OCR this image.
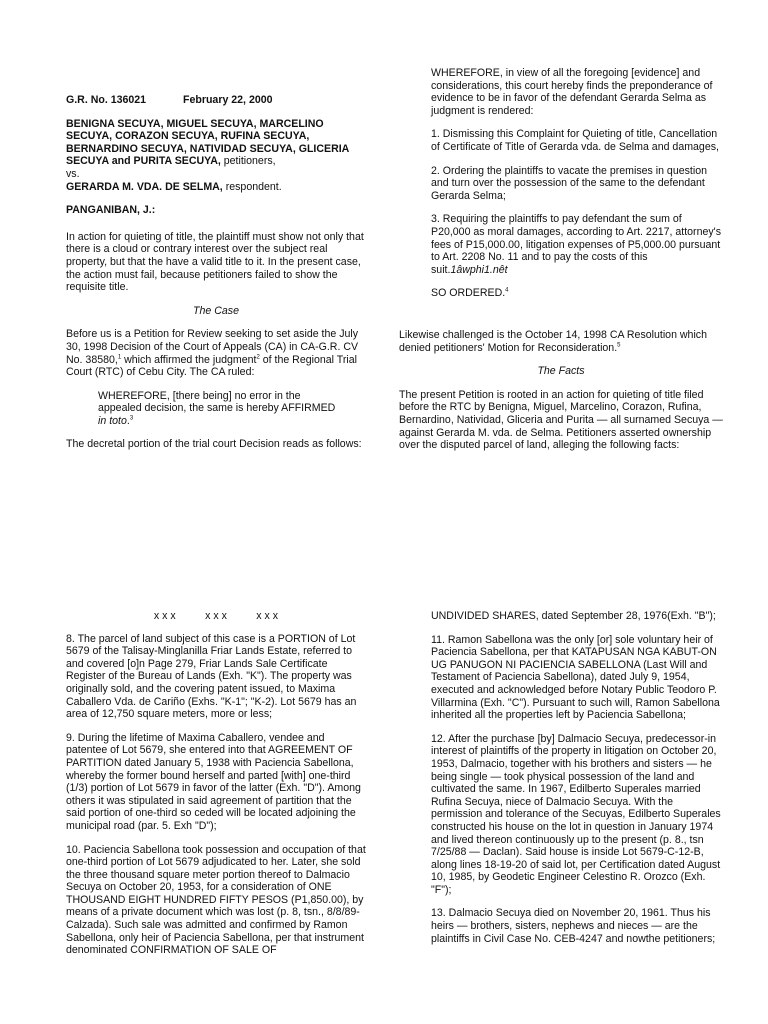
G.R. No. 136021	February 22, 2000

BENIGNA SECUYA, MIGUEL SECUYA, MARCELINO SECUYA, CORAZON SECUYA, RUFINA SECUYA, BERNARDINO SECUYA, NATIVIDAD SECUYA, GLICERIA SECUYA and PURITA SECUYA, petitioners,

vs.

GERARDA M. VDA. DE SELMA, respondent.

PANGANIBAN, J.:

In action for quieting of title, the plaintiff must show not only that there is a cloud or contrary interest over the subject real property, but that the have a valid title to it. In the present case, the action must fail, because petitioners failed to show the requisite title.

The Case

Before us is a Petition for Review seeking to set aside the July 30, 1998 Decision of the Court of Appeals (CA) in CA-G.R. CV No. 38580,$^1$ which affirmed the judgment$^2$ of the Regional Trial Court (RTC) of Cebu City. The CA ruled:

WHEREFORE, [there being] no error in the appealed decision, the same is hereby AFFIRMED in toto.$^3$

The decretal portion of the trial court Decision reads as follows:

WHEREFORE, in view of all the foregoing [evidence] and considerations, this court hereby finds the preponderance of evidence to be in favor of the defendant Gerarda Selma as judgment is rendered:

1. Dismissing this Complaint for Quieting of title, Cancellation of Certificate of Title of Gerarda vda. de Selma and damages,

2. Ordering the plaintiffs to vacate the premises in question and turn over the possession of the same to the defendant Gerarda Selma;

3. Requiring the plaintiffs to pay defendant the sum of P20,000 as moral damages, according to Art. 2217, attorney's fees of P15,000.00, litigation expenses of P5,000.00 pursuant to Art. 2208 No. 11 and to pay the costs of this suit.1âwphi1.nêt

SO ORDERED.$^4$

Likewise challenged is the October 14, 1998 CA Resolution which denied petitioners' Motion for Reconsideration.$^5$

The Facts

The present Petition is rooted in an action for quieting of title filed before the RTC by Benigna, Miguel, Marcelino, Corazon, Rufina, Bernardino, Natividad, Gliceria and Purita — all surnamed Secuya — against Gerarda M. vda. de Selma. Petitioners asserted ownership over the disputed parcel of land, alleging the following facts:

x x x          x x x          x x x

8. The parcel of land subject of this case is a PORTION of Lot 5679 of the Talisay-Minglanilla Friar Lands Estate, referred to and covered [o]n Page 279, Friar Lands Sale Certificate Register of the Bureau of Lands (Exh. "K"). The property was originally sold, and the covering patent issued, to Maxima Caballero Vda. de Cariño (Exhs. "K-1"; "K-2). Lot 5679 has an area of 12,750 square meters, more or less;

9. During the lifetime of Maxima Caballero, vendee and patentee of Lot 5679, she entered into that AGREEMENT OF PARTITION dated January 5, 1938 with Paciencia Sabellona, whereby the former bound herself and parted [with] one-third (1/3) portion of Lot 5679 in favor of the latter (Exh. "D"). Among others it was stipulated in said agreement of partition that the said portion of one-third so ceded will be located adjoining the municipal road (par. 5. Exh "D");

10. Paciencia Sabellona took possession and occupation of that one-third portion of Lot 5679 adjudicated to her. Later, she sold the three thousand square meter portion thereof to Dalmacio Secuya on October 20, 1953, for a consideration of ONE THOUSAND EIGHT HUNDRED FIFTY PESOS (P1,850.00), by means of a private document which was lost (p. 8, tsn., 8/8/89-Calzada). Such sale was admitted and confirmed by Ramon Sabellona, only heir of Paciencia Sabellona, per that instrument denominated CONFIRMATION OF SALE OF

UNDIVIDED SHARES, dated September 28, 1976(Exh. "B");

11. Ramon Sabellona was the only [or] sole voluntary heir of Paciencia Sabellona, per that KATAPUSAN NGA KABUT-ON UG PANUGON NI PACIENCIA SABELLONA (Last Will and Testament of Paciencia Sabellona), dated July 9, 1954, executed and acknowledged before Notary Public Teodoro P. Villarmina (Exh. "C"). Pursuant to such will, Ramon Sabellona inherited all the properties left by Paciencia Sabellona;

12. After the purchase [by] Dalmacio Secuya, predecessor-in interest of plaintiffs of the property in litigation on October 20, 1953, Dalmacio, together with his brothers and sisters — he being single — took physical possession of the land and cultivated the same. In 1967, Edilberto Superales married Rufina Secuya, niece of Dalmacio Secuya. With the permission and tolerance of the Secuyas, Edilberto Superales constructed his house on the lot in question in January 1974 and lived thereon continuously up to the present (p. 8., tsn 7/25/88 — Daclan). Said house is inside Lot 5679-C-12-B, along lines 18-19-20 of said lot, per Certification dated August 10, 1985, by Geodetic Engineer Celestino R. Orozco (Exh. "F");

13. Dalmacio Secuya died on November 20, 1961. Thus his heirs — brothers, sisters, nephews and nieces — are the plaintiffs in Civil Case No. CEB-4247 and nowthe petitioners;
